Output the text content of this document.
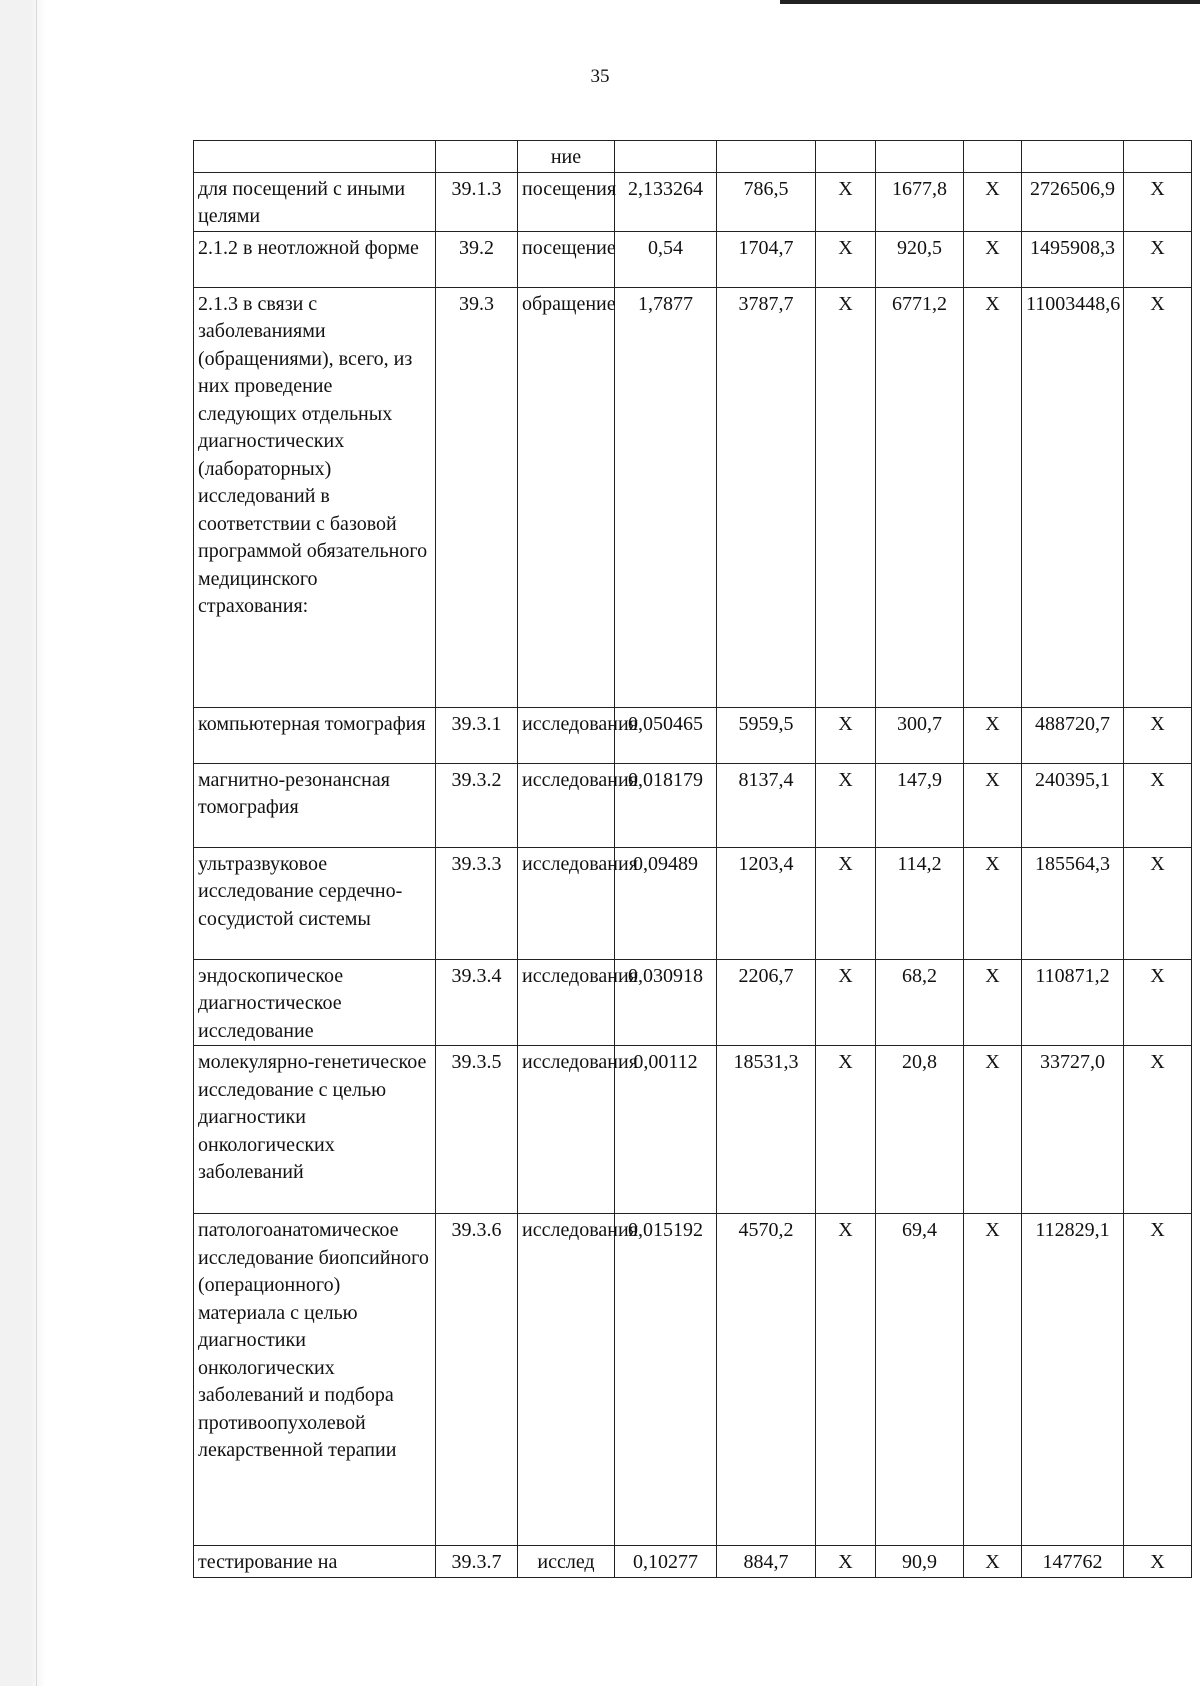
35
		ние							
для посещений с иными целями	39.1.3	посещения	2,133264	786,5	X	1677,8	X	2726506,9	X
2.1.2 в неотложной форме	39.2	посещение	0,54	1704,7	X	920,5	X	1495908,3	X
2.1.3 в связи с заболеваниями (обращениями), всего, из них проведение следующих отдельных диагностических (лабораторных) исследований в соответствии с базовой программой обязательного медицинского страхования:	39.3	обращение	1,7877	3787,7	X	6771,2	X	11003448,6	X
компьютерная томография	39.3.1	исследования	0,050465	5959,5	X	300,7	X	488720,7	X
магнитно-резонансная томография	39.3.2	исследования	0,018179	8137,4	X	147,9	X	240395,1	X
ультразвуковое исследование сердечно-сосудистой системы	39.3.3	исследования	0,09489	1203,4	X	114,2	X	185564,3	X
эндоскопическое диагностическое исследование	39.3.4	исследования	0,030918	2206,7	X	68,2	X	110871,2	X
молекулярно-генетическое исследование с целью диагностики онкологических заболеваний	39.3.5	исследования	0,00112	18531,3	X	20,8	X	33727,0	X
патологоанатомическое исследование биопсийного (операционного) материала с целью диагностики онкологических заболеваний и подбора противоопухолевой лекарственной терапии	39.3.6	исследования	0,015192	4570,2	X	69,4	X	112829,1	X
тестирование на	39.3.7	исслед	0,10277	884,7	X	90,9	X	147762	X
